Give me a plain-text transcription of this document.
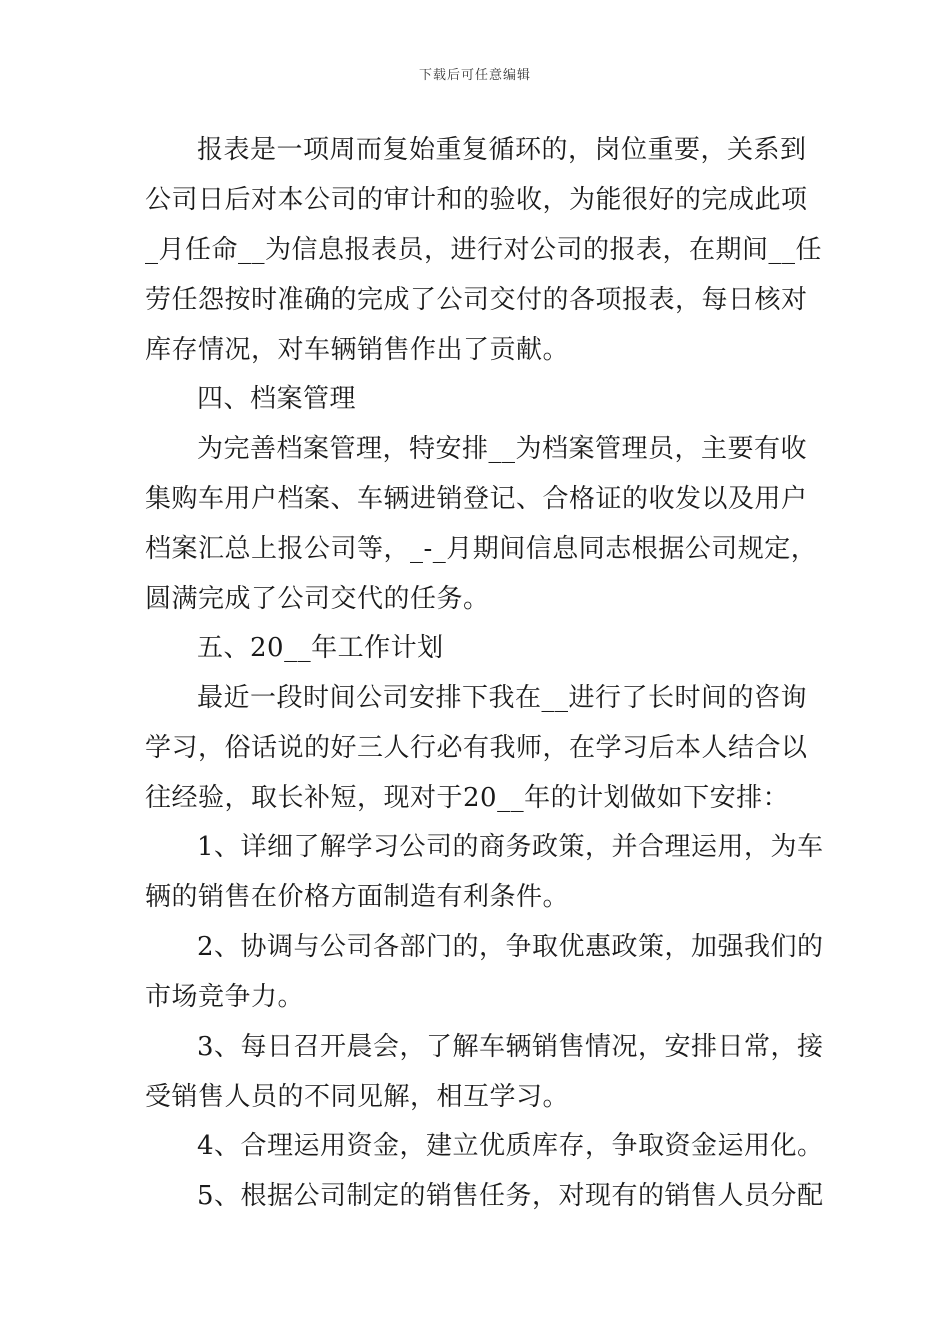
下载后可任意编辑
报表是一项周而复始重复循环的，岗位重要，关系到
公司日后对本公司的审计和的验收，为能很好的完成此项
_月任命__为信息报表员，进行对公司的报表，在期间__任
劳任怨按时准确的完成了公司交付的各项报表，每日核对
库存情况，对车辆销售作出了贡献。
四、档案管理
为完善档案管理，特安排__为档案管理员，主要有收
集购车用户档案、车辆进销登记、合格证的收发以及用户
档案汇总上报公司等，_-_月期间信息同志根据公司规定，
圆满完成了公司交代的任务。
五、20__年工作计划
最近一段时间公司安排下我在__进行了长时间的咨询
学习，俗话说的好三人行必有我师，在学习后本人结合以
往经验，取长补短，现对于20__年的计划做如下安排：
1、详细了解学习公司的商务政策，并合理运用，为车
辆的销售在价格方面制造有利条件。
2、协调与公司各部门的，争取优惠政策，加强我们的
市场竞争力。
3、每日召开晨会，了解车辆销售情况，安排日常，接
受销售人员的不同见解，相互学习。
4、合理运用资金，建立优质库存，争取资金运用化。
5、根据公司制定的销售任务，对现有的销售人员分配
